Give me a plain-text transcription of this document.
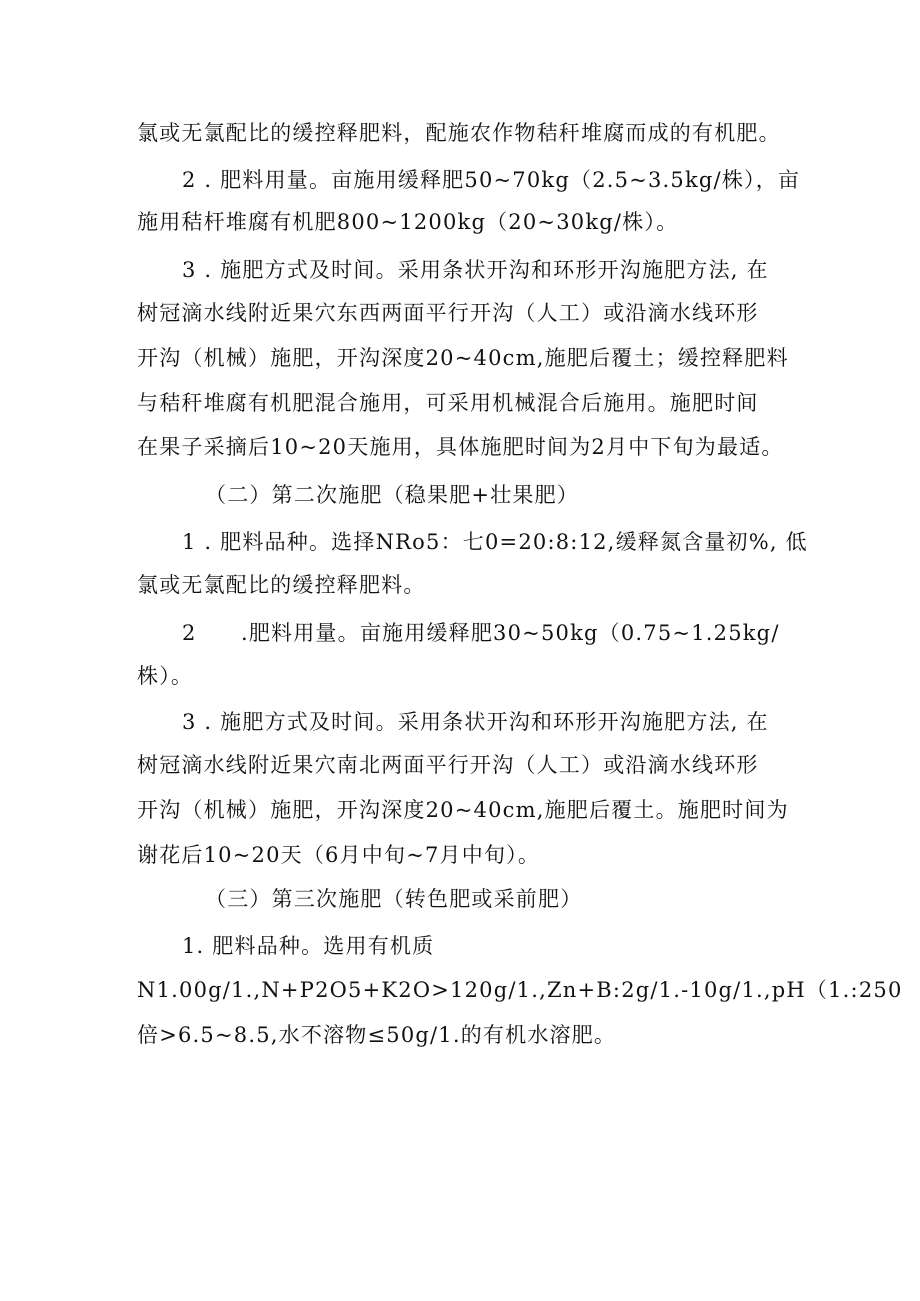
氯或无氯配比的缓控释肥料，配施农作物秸秆堆腐而成的有机肥。
2 . 肥料用量。亩施用缓释肥50~70kg（2.5~3.5kg/株），亩
施用秸杆堆腐有机肥800~1200kg（20~30kg/株）。
3 . 施肥方式及时间。采用条状开沟和环形开沟施肥方法, 在
树冠滴水线附近果穴东西两面平行开沟（人工）或沿滴水线环形
开沟（机械）施肥，开沟深度20~40cm,施肥后覆土；缓控释肥料
与秸秆堆腐有机肥混合施用，可采用机械混合后施用。施肥时间
在果子采摘后10~20天施用，具体施肥时间为2月中下旬为最适。
（二）第二次施肥（稳果肥+壮果肥）
1 . 肥料品种。选择NRo5：七0=20:8:12,缓释氮含量初%, 低
氯或无氯配比的缓控释肥料。
2　　.肥料用量。亩施用缓释肥30~50kg（0.75~1.25kg/
株）。
3 . 施肥方式及时间。采用条状开沟和环形开沟施肥方法, 在
树冠滴水线附近果穴南北两面平行开沟（人工）或沿滴水线环形
开沟（机械）施肥，开沟深度20~40cm,施肥后覆土。施肥时间为
谢花后10~20天（6月中旬~7月中旬）。
（三）第三次施肥（转色肥或采前肥）
1. 肥料品种。选用有机质
N1.00g/1.,N+P2O5+K2O>120g/1.,Zn+B:2g/1.-10g/1.,pH（1.:250
倍>6.5~8.5,水不溶物≤50g/1.的有机水溶肥。
